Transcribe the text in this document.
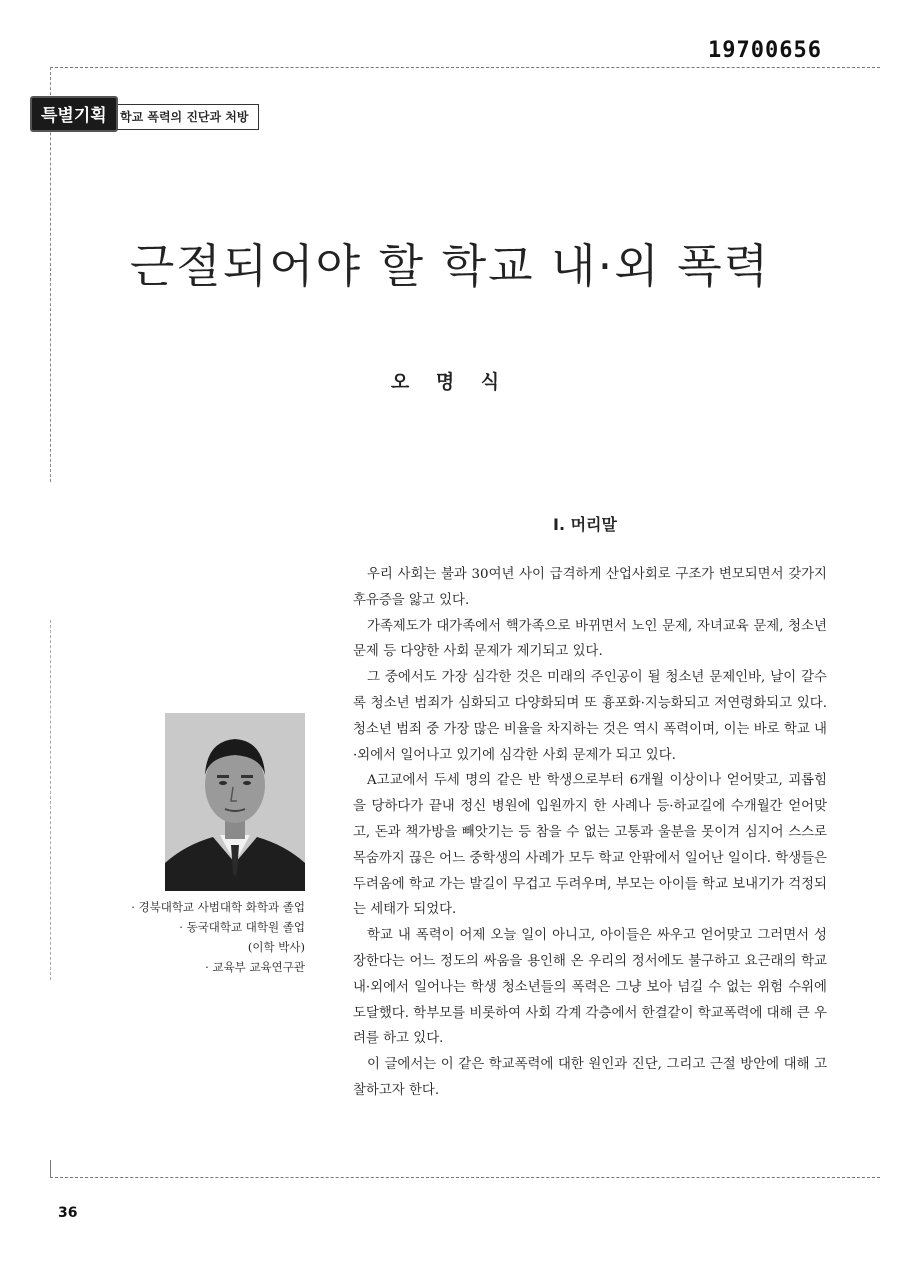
19700656
특별기획	학교 폭력의 진단과 처방
근절되어야 할 학교 내·외 폭력
오 명 식
Ⅰ. 머리말
· 경북대학교 사범대학 화학과 졸업
· 동국대학교 대학원 졸업
(이학 박사)
· 교육부 교육연구관

우리 사회는 불과 30여년 사이 급격하게 산업사회로 구조가 변모되면서 갖가지 후유증을 앓고 있다.

가족제도가 대가족에서 핵가족으로 바뀌면서 노인 문제, 자녀교육 문제, 청소년 문제 등 다양한 사회 문제가 제기되고 있다.

그 중에서도 가장 심각한 것은 미래의 주인공이 될 청소년 문제인바, 날이 갈수록 청소년 범죄가 심화되고 다양화되며 또 흉포화·지능화되고 저연령화되고 있다. 청소년 범죄 중 가장 많은 비율을 차지하는 것은 역시 폭력이며, 이는 바로 학교 내·외에서 일어나고 있기에 심각한 사회 문제가 되고 있다.

A고교에서 두세 명의 같은 반 학생으로부터 6개월 이상이나 얻어맞고, 괴롭힘을 당하다가 끝내 정신 병원에 입원까지 한 사례나 등·하교길에 수개월간 얻어맞고, 돈과 책가방을 빼앗기는 등 참을 수 없는 고통과 울분을 못이겨 심지어 스스로 목숨까지 끊은 어느 중학생의 사례가 모두 학교 안팎에서 일어난 일이다. 학생들은 두려움에 학교 가는 발길이 무겁고 두려우며, 부모는 아이들 학교 보내기가 걱정되는 세태가 되었다.

학교 내 폭력이 어제 오늘 일이 아니고, 아이들은 싸우고 얻어맞고 그러면서 성장한다는 어느 정도의 싸움을 용인해 온 우리의 정서에도 불구하고 요근래의 학교 내·외에서 일어나는 학생 청소년들의 폭력은 그냥 보아 넘길 수 없는 위험 수위에 도달했다. 학부모를 비롯하여 사회 각계 각층에서 한결같이 학교폭력에 대해 큰 우려를 하고 있다.

이 글에서는 이 같은 학교폭력에 대한 원인과 진단, 그리고 근절 방안에 대해 고찰하고자 한다.

36
